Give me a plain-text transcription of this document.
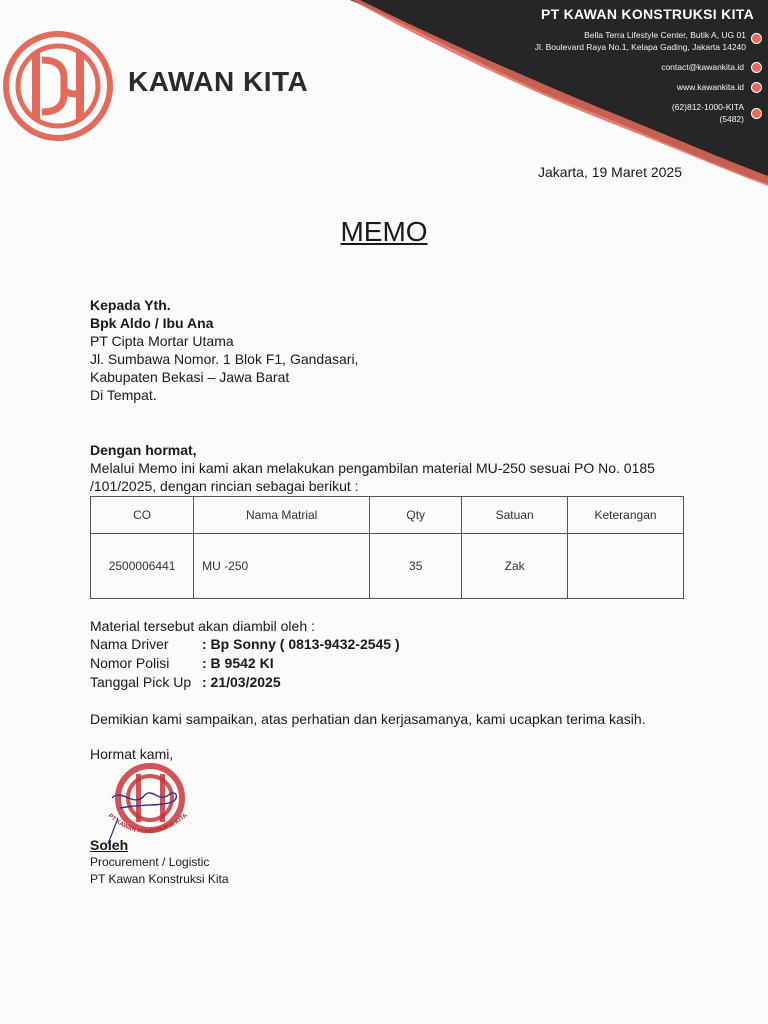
PT KAWAN KONSTRUKSI KITA
Bella Terra Lifestyle Center, Butik A, UG 01
Jl. Boulevard Raya No.1, Kelapa Gading, Jakarta 14240
contact@kawankita.id
www.kawankita.id
(62)812-1000-KITA
(5482)
KAWAN KITA
Jakarta, 19 Maret 2025
MEMO
Kepada Yth.
Bpk Aldo / Ibu Ana
PT Cipta Mortar Utama
Jl. Sumbawa Nomor. 1 Blok F1, Gandasari,
Kabupaten Bekasi – Jawa Barat
Di Tempat.
Dengan hormat,
Melalui Memo ini kami akan melakukan pengambilan material MU-250 sesuai PO No. 0185 /101/2025, dengan rincian sebagai berikut :
CO	Nama Matrial	Qty	Satuan	Keterangan
2500006441	MU -250	35	Zak	
Material tersebut akan diambil oleh :
Nama Driver : Bp Sonny ( 0813-9432-2545 )
Nomor Polisi : B 9542 KI
Tanggal Pick Up : 21/03/2025
Demikian kami sampaikan, atas perhatian dan kerjasamanya, kami ucapkan terima kasih.
Hormat kami,
PT KAWAN KONSTRUKSI KITA
Soleh
Procurement / Logistic
PT Kawan Konstruksi Kita
